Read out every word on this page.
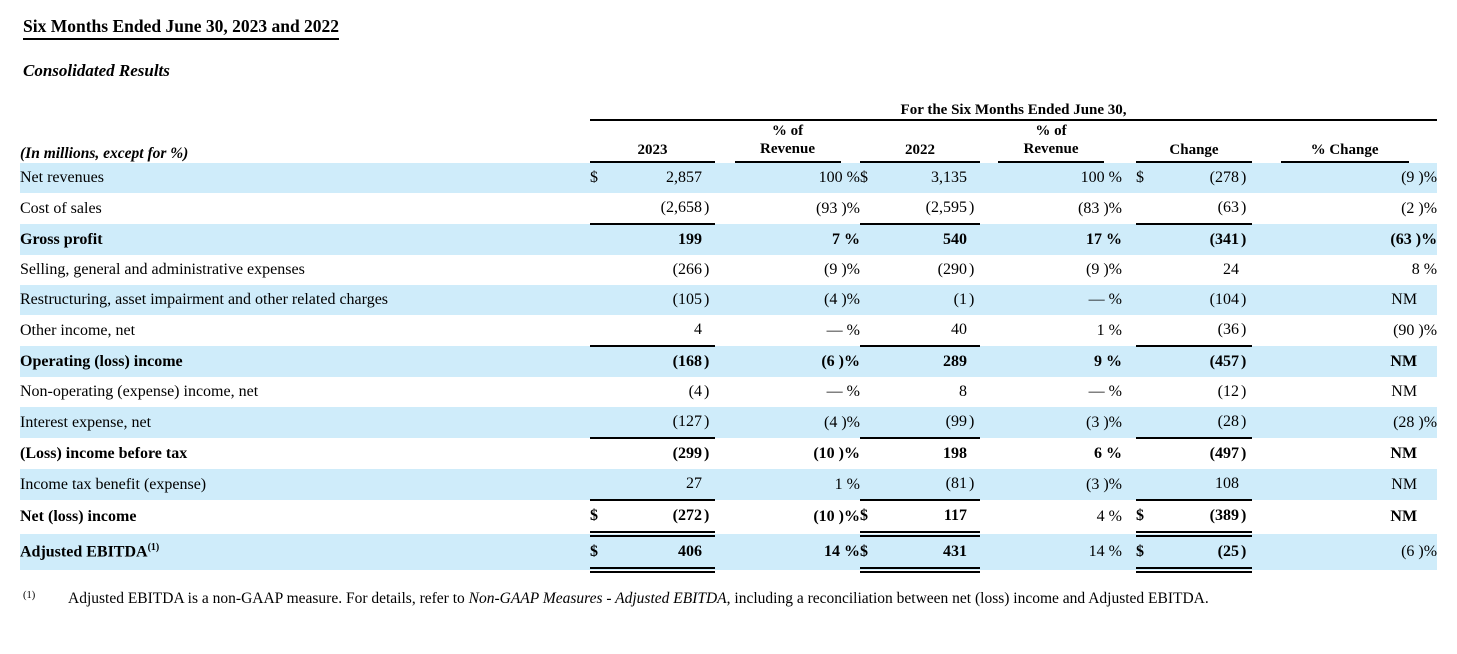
Six Months Ended June 30, 2023 and 2022
Consolidated Results
	For the Six Months Ended June 30,									
(In millions, except for %)	2023		% of Revenue	2022		% of Revenue		Change		% Change

Net revenues	$	2,857	100 %	$	3,135	100 %		$	(278 )	(9 )%
Cost of sales		(2,658 )	(93 )%		(2,595 )	(83 )%			(63 )	(2 )%
Gross profit		199	7 %		540	17 %			(341 )	(63 )%
Selling, general and administrative expenses		(266 )	(9 )%		(290 )	(9 )%			24	8 %
Restructuring, asset impairment and other related charges		(105 )	(4 )%		(1 )	— %			(104 )	NM
Other income, net		4	— %		40	1 %			(36 )	(90 )%
Operating (loss) income		(168 )	(6 )%		289	9 %			(457 )	NM
Non-operating (expense) income, net		(4 )	— %		8	— %			(12 )	NM
Interest expense, net		(127 )	(4 )%		(99 )	(3 )%			(28 )	(28 )%
(Loss) income before tax		(299 )	(10 )%		198	6 %			(497 )	NM
Income tax benefit (expense)		27	1 %		(81 )	(3 )%			108	NM
Net (loss) income	$	(272 )	(10 )%	$	117	4 %		$	(389 )	NM
Adjusted EBITDA$^{(1)}$	$	406	14 %	$	431	14 %		$	(25 )	(6 )%
(1)	Adjusted EBITDA is a non-GAAP measure. For details, refer to Non-GAAP Measures - Adjusted EBITDA, including a reconciliation between net (loss) income and Adjusted EBITDA.
